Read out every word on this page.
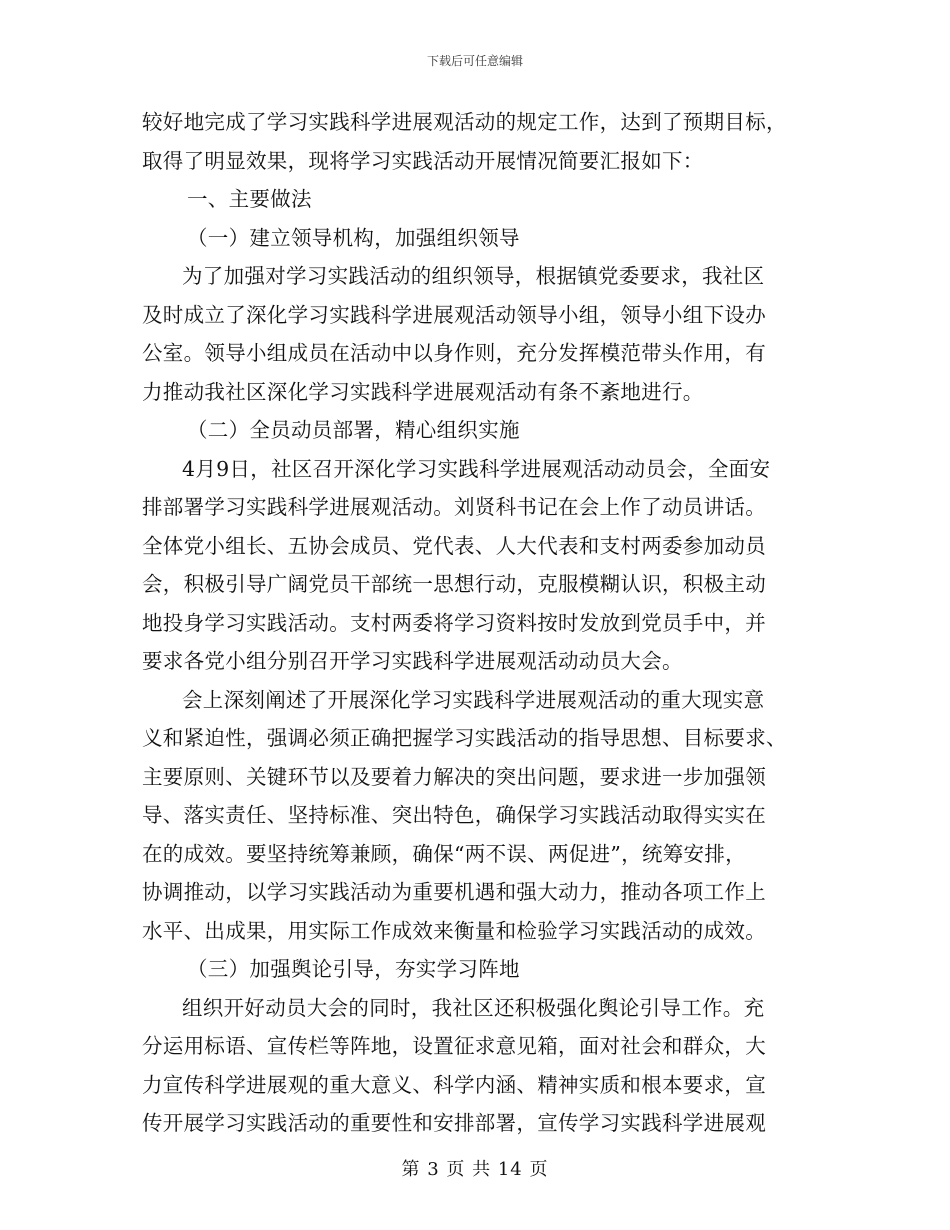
下载后可任意编辑
较好地完成了学习实践科学进展观活动的规定工作，达到了预期目标，
取得了明显效果，现将学习实践活动开展情况简要汇报如下：
一、主要做法
（一）建立领导机构，加强组织领导
为了加强对学习实践活动的组织领导，根据镇党委要求，我社区
及时成立了深化学习实践科学进展观活动领导小组，领导小组下设办
公室。领导小组成员在活动中以身作则，充分发挥模范带头作用，有
力推动我社区深化学习实践科学进展观活动有条不紊地进行。
（二）全员动员部署，精心组织实施
4月9日，社区召开深化学习实践科学进展观活动动员会，全面安
排部署学习实践科学进展观活动。刘贤科书记在会上作了动员讲话。
全体党小组长、五协会成员、党代表、人大代表和支村两委参加动员
会，积极引导广阔党员干部统一思想行动，克服模糊认识，积极主动
地投身学习实践活动。支村两委将学习资料按时发放到党员手中，并
要求各党小组分别召开学习实践科学进展观活动动员大会。
会上深刻阐述了开展深化学习实践科学进展观活动的重大现实意
义和紧迫性，强调必须正确把握学习实践活动的指导思想、目标要求、
主要原则、关键环节以及要着力解决的突出问题，要求进一步加强领
导、落实责任、坚持标准、突出特色，确保学习实践活动取得实实在
在的成效。要坚持统筹兼顾，确保“两不误、两促进”，统筹安排，
协调推动，以学习实践活动为重要机遇和强大动力，推动各项工作上
水平、出成果，用实际工作成效来衡量和检验学习实践活动的成效。
（三）加强舆论引导，夯实学习阵地
组织开好动员大会的同时，我社区还积极强化舆论引导工作。充
分运用标语、宣传栏等阵地，设置征求意见箱，面对社会和群众，大
力宣传科学进展观的重大意义、科学内涵、精神实质和根本要求，宣
传开展学习实践活动的重要性和安排部署，宣传学习实践科学进展观
第 3 页 共 14 页
